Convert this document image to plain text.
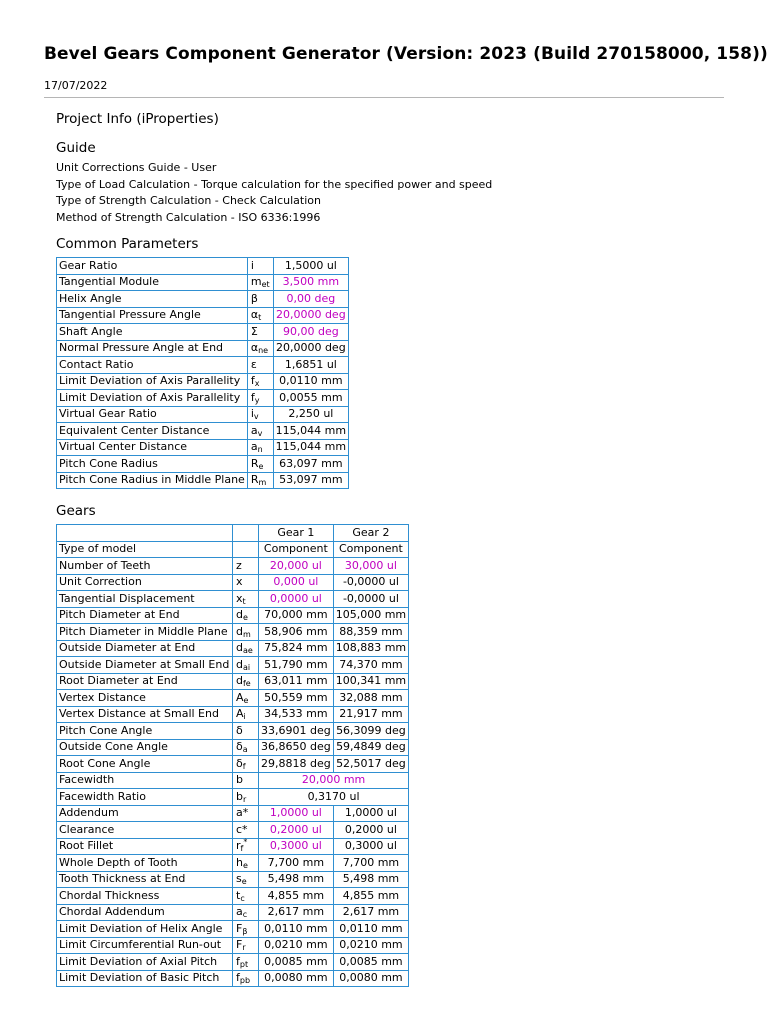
Bevel Gears Component Generator (Version: 2023 (Build 270158000, 158))
17/07/2022
Project Info (iProperties)
Guide
Unit Corrections Guide - User
Type of Load Calculation - Torque calculation for the specified power and speed
Type of Strength Calculation - Check Calculation
Method of Strength Calculation - ISO 6336:1996
Common Parameters
Gear Ratio	i	1,5000 ul
Tangential Module	$m_{et}$	3,500 mm
Helix Angle	β	0,00 deg
Tangential Pressure Angle	$\alpha_t$	20,0000 deg
Shaft Angle	Σ	90,00 deg
Normal Pressure Angle at End	$\alpha_{ne}$	20,0000 deg
Contact Ratio	ε	1,6851 ul
Limit Deviation of Axis Parallelity	$f_x$	0,0110 mm
Limit Deviation of Axis Parallelity	$f_y$	0,0055 mm
Virtual Gear Ratio	$i_v$	2,250 ul
Equivalent Center Distance	$a_v$	115,044 mm
Virtual Center Distance	$a_n$	115,044 mm
Pitch Cone Radius	$R_e$	63,097 mm
Pitch Cone Radius in Middle Plane	$R_m$	53,097 mm
Gears
		Gear 1	Gear 2
Type of model		Component	Component
Number of Teeth	z	20,000 ul	30,000 ul
Unit Correction	x	0,000 ul	-0,0000 ul
Tangential Displacement	$x_t$	0,0000 ul	-0,0000 ul
Pitch Diameter at End	$d_e$	70,000 mm	105,000 mm
Pitch Diameter in Middle Plane	$d_m$	58,906 mm	88,359 mm
Outside Diameter at End	$d_{ae}$	75,824 mm	108,883 mm
Outside Diameter at Small End	$d_{ai}$	51,790 mm	74,370 mm
Root Diameter at End	$d_{fe}$	63,011 mm	100,341 mm
Vertex Distance	$A_e$	50,559 mm	32,088 mm
Vertex Distance at Small End	$A_i$	34,533 mm	21,917 mm
Pitch Cone Angle	δ	33,6901 deg	56,3099 deg
Outside Cone Angle	$\delta_a$	36,8650 deg	59,4849 deg
Root Cone Angle	$\delta_f$	29,8818 deg	52,5017 deg
Facewidth	b	20,000 mm	
Facewidth Ratio	$b_r$	0,3170 ul	
Addendum	a*	1,0000 ul	1,0000 ul
Clearance	c*	0,2000 ul	0,2000 ul
Root Fillet	$r_f^*$	0,3000 ul	0,3000 ul
Whole Depth of Tooth	$h_e$	7,700 mm	7,700 mm
Tooth Thickness at End	$s_e$	5,498 mm	5,498 mm
Chordal Thickness	$t_c$	4,855 mm	4,855 mm
Chordal Addendum	$a_c$	2,617 mm	2,617 mm
Limit Deviation of Helix Angle	$F_\beta$	0,0110 mm	0,0110 mm
Limit Circumferential Run-out	$F_r$	0,0210 mm	0,0210 mm
Limit Deviation of Axial Pitch	$f_{pt}$	0,0085 mm	0,0085 mm
Limit Deviation of Basic Pitch	$f_{pb}$	0,0080 mm	0,0080 mm
